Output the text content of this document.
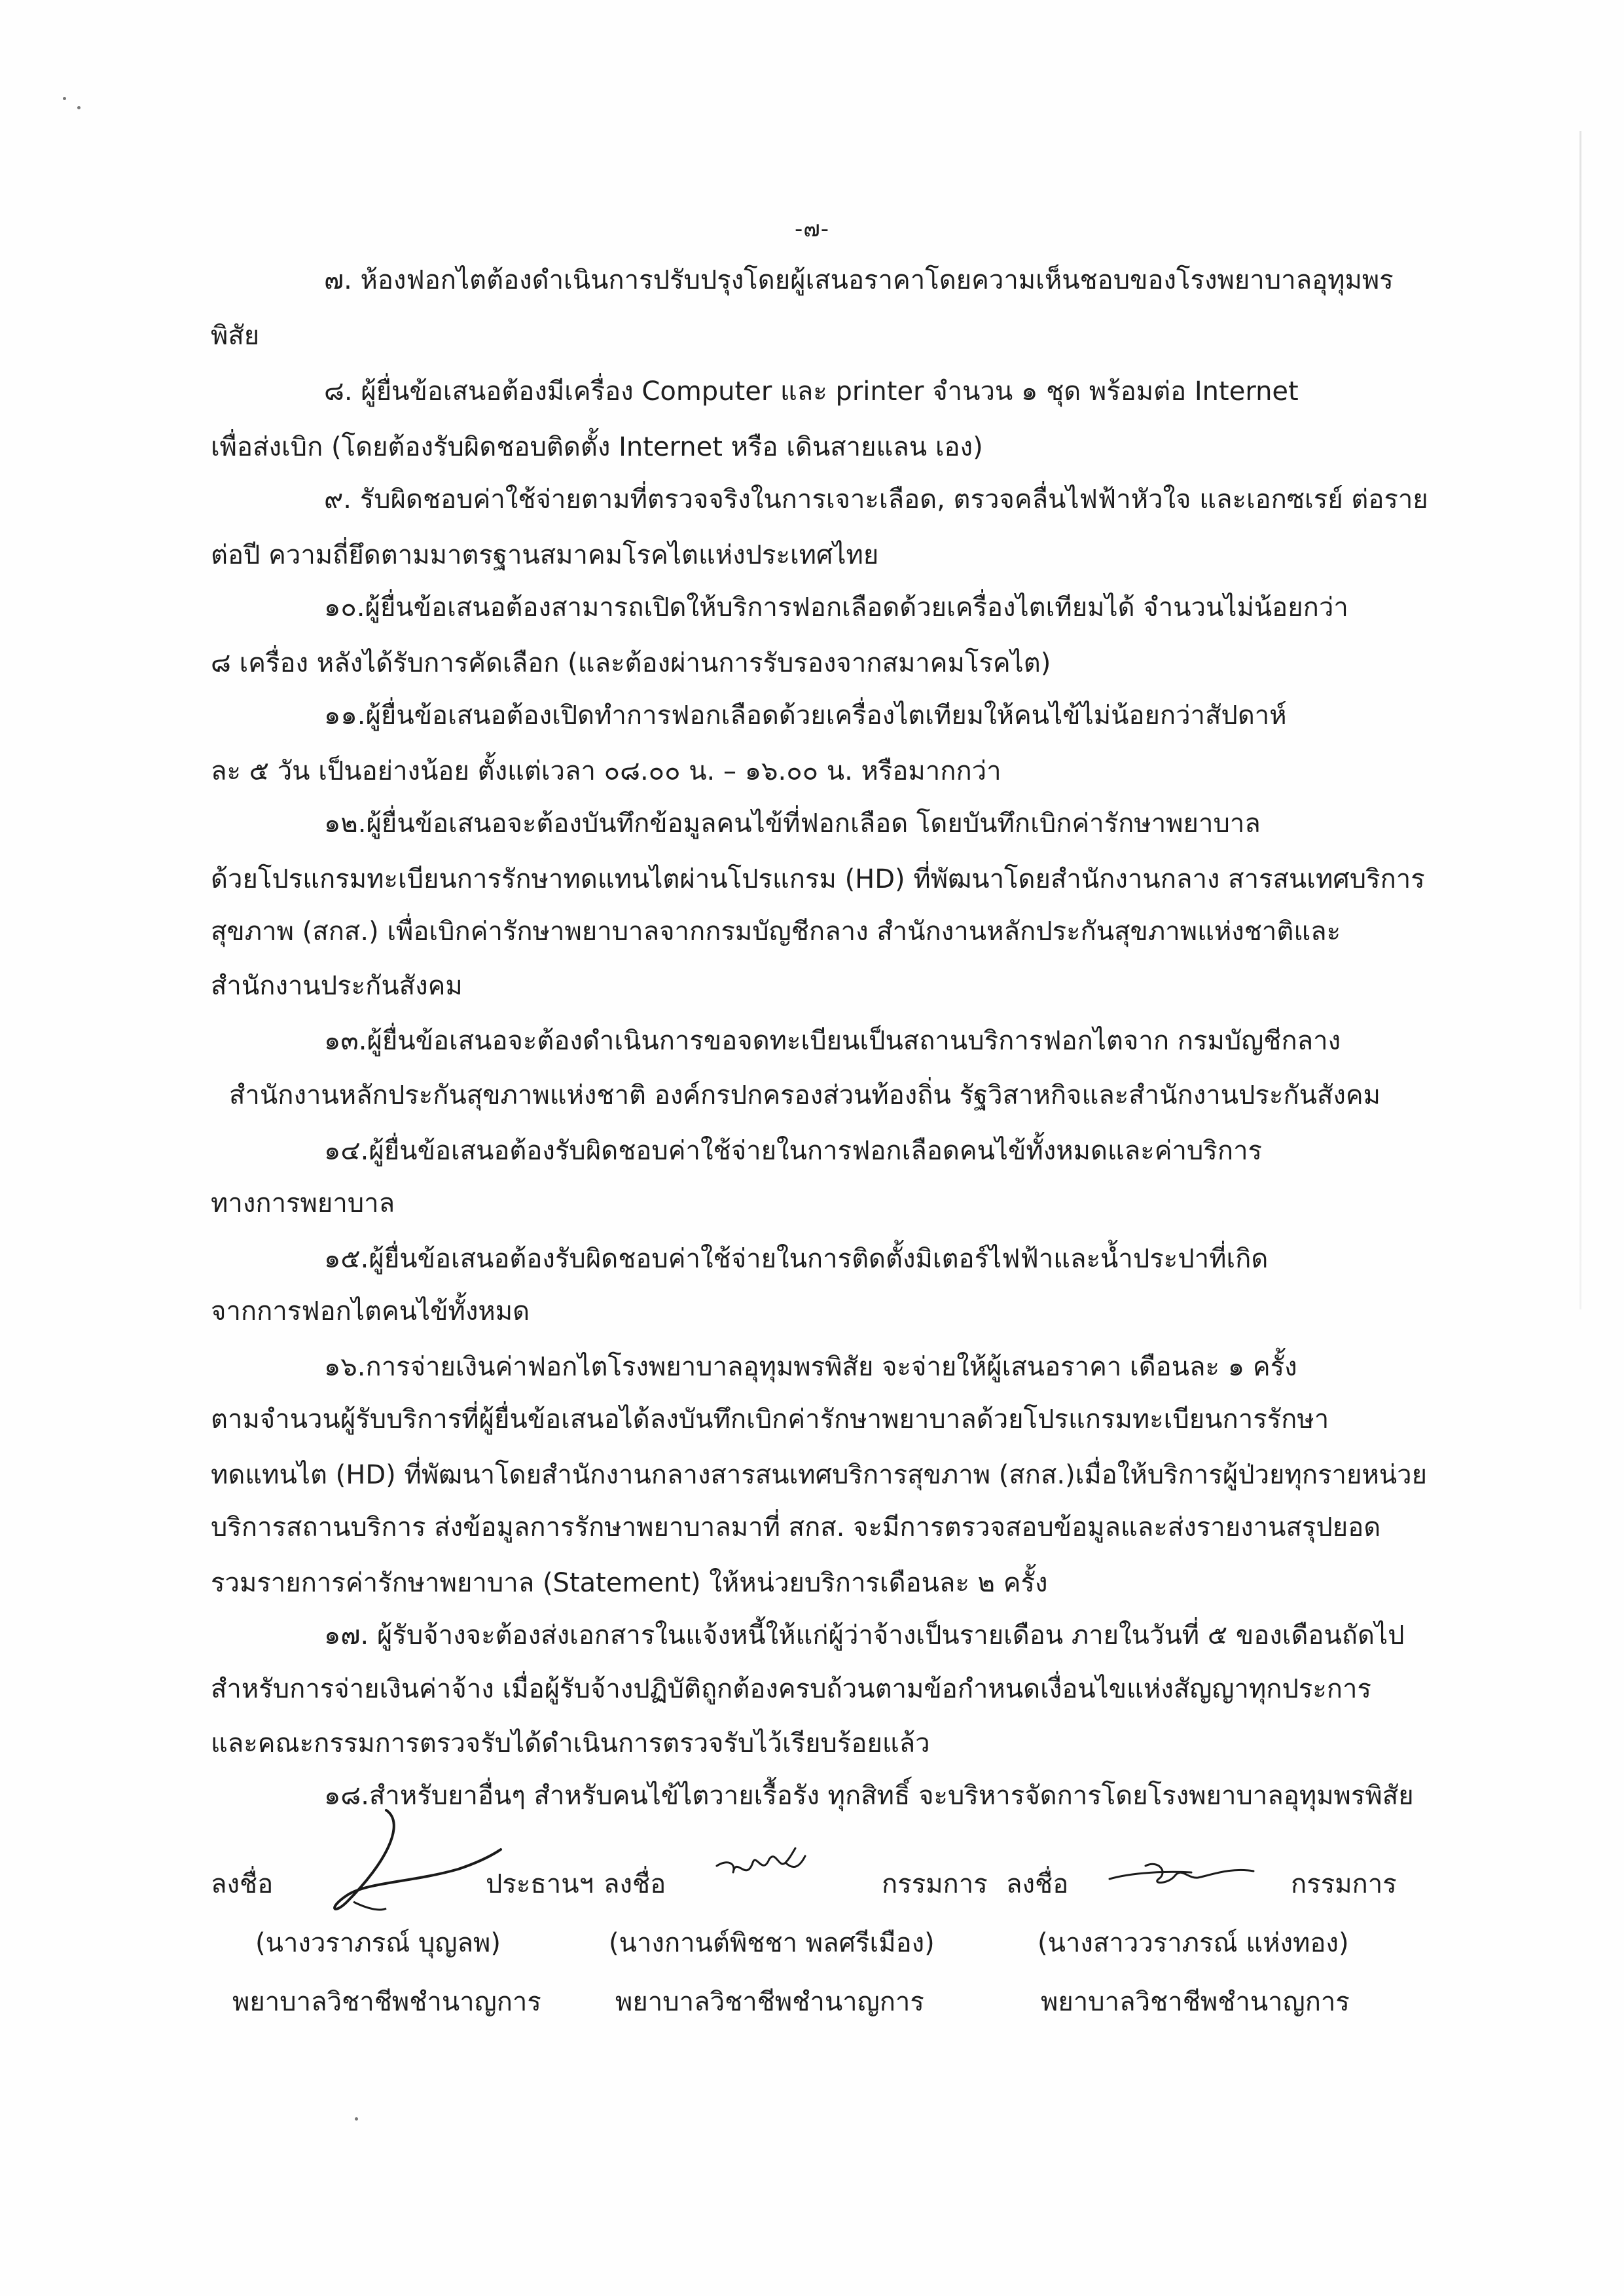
-๗-
๗. ห้องฟอกไตต้องดำเนินการปรับปรุงโดยผู้เสนอราคาโดยความเห็นชอบของโรงพยาบาลอุทุมพร
พิสัย
๘. ผู้ยื่นข้อเสนอต้องมีเครื่อง Computer และ printer จำนวน ๑ ชุด พร้อมต่อ Internet
เพื่อส่งเบิก (โดยต้องรับผิดชอบติดตั้ง Internet หรือ เดินสายแลน เอง)
๙. รับผิดชอบค่าใช้จ่ายตามที่ตรวจจริงในการเจาะเลือด, ตรวจคลื่นไฟฟ้าหัวใจ และเอกซเรย์ ต่อราย
ต่อปี ความถี่ยึดตามมาตรฐานสมาคมโรคไตแห่งประเทศไทย
๑๐.ผู้ยื่นข้อเสนอต้องสามารถเปิดให้บริการฟอกเลือดด้วยเครื่องไตเทียมได้ จำนวนไม่น้อยกว่า
๘ เครื่อง หลังได้รับการคัดเลือก (และต้องผ่านการรับรองจากสมาคมโรคไต)
๑๑.ผู้ยื่นข้อเสนอต้องเปิดทำการฟอกเลือดด้วยเครื่องไตเทียมให้คนไข้ไม่น้อยกว่าสัปดาห์
ละ ๕ วัน เป็นอย่างน้อย ตั้งแต่เวลา ๐๘.๐๐ น. – ๑๖.๐๐ น. หรือมากกว่า
๑๒.ผู้ยื่นข้อเสนอจะต้องบันทึกข้อมูลคนไข้ที่ฟอกเลือด โดยบันทึกเบิกค่ารักษาพยาบาล
ด้วยโปรแกรมทะเบียนการรักษาทดแทนไตผ่านโปรแกรม (HD) ที่พัฒนาโดยสำนักงานกลาง สารสนเทศบริการ
สุขภาพ (สกส.) เพื่อเบิกค่ารักษาพยาบาลจากกรมบัญชีกลาง สำนักงานหลักประกันสุขภาพแห่งชาติและ
สำนักงานประกันสังคม
๑๓.ผู้ยื่นข้อเสนอจะต้องดำเนินการขอจดทะเบียนเป็นสถานบริการฟอกไตจาก กรมบัญชีกลาง
สำนักงานหลักประกันสุขภาพแห่งชาติ องค์กรปกครองส่วนท้องถิ่น รัฐวิสาหกิจและสำนักงานประกันสังคม
๑๔.ผู้ยื่นข้อเสนอต้องรับผิดชอบค่าใช้จ่ายในการฟอกเลือดคนไข้ทั้งหมดและค่าบริการ
ทางการพยาบาล
๑๕.ผู้ยื่นข้อเสนอต้องรับผิดชอบค่าใช้จ่ายในการติดตั้งมิเตอร์ไฟฟ้าและน้ำประปาที่เกิด
จากการฟอกไตคนไข้ทั้งหมด
๑๖.การจ่ายเงินค่าฟอกไตโรงพยาบาลอุทุมพรพิสัย จะจ่ายให้ผู้เสนอราคา เดือนละ ๑ ครั้ง
ตามจำนวนผู้รับบริการที่ผู้ยื่นข้อเสนอได้ลงบันทึกเบิกค่ารักษาพยาบาลด้วยโปรแกรมทะเบียนการรักษา
ทดแทนไต (HD) ที่พัฒนาโดยสำนักงานกลางสารสนเทศบริการสุขภาพ (สกส.)เมื่อให้บริการผู้ป่วยทุกรายหน่วย
บริการสถานบริการ ส่งข้อมูลการรักษาพยาบาลมาที่ สกส. จะมีการตรวจสอบข้อมูลและส่งรายงานสรุปยอด
รวมรายการค่ารักษาพยาบาล (Statement) ให้หน่วยบริการเดือนละ ๒ ครั้ง
๑๗. ผู้รับจ้างจะต้องส่งเอกสารในแจ้งหนี้ให้แก่ผู้ว่าจ้างเป็นรายเดือน ภายในวันที่ ๕ ของเดือนถัดไป
สำหรับการจ่ายเงินค่าจ้าง เมื่อผู้รับจ้างปฏิบัติถูกต้องครบถ้วนตามข้อกำหนดเงื่อนไขแห่งสัญญาทุกประการ
และคณะกรรมการตรวจรับได้ดำเนินการตรวจรับไว้เรียบร้อยแล้ว
๑๘.สำหรับยาอื่นๆ สำหรับคนไข้ไตวายเรื้อรัง ทุกสิทธิ์ จะบริหารจัดการโดยโรงพยาบาลอุทุมพรพิสัย
ลงชื่อ	ประธานฯ ลงชื่อ	กรรมการ ลงชื่อ	กรรมการ
(นางวราภรณ์ บุญลพ)	(นางกานต์พิชชา พลศรีเมือง)	(นางสาววราภรณ์ แห่งทอง)
พยาบาลวิชาชีพชำนาญการ	พยาบาลวิชาชีพชำนาญการ	พยาบาลวิชาชีพชำนาญการ
